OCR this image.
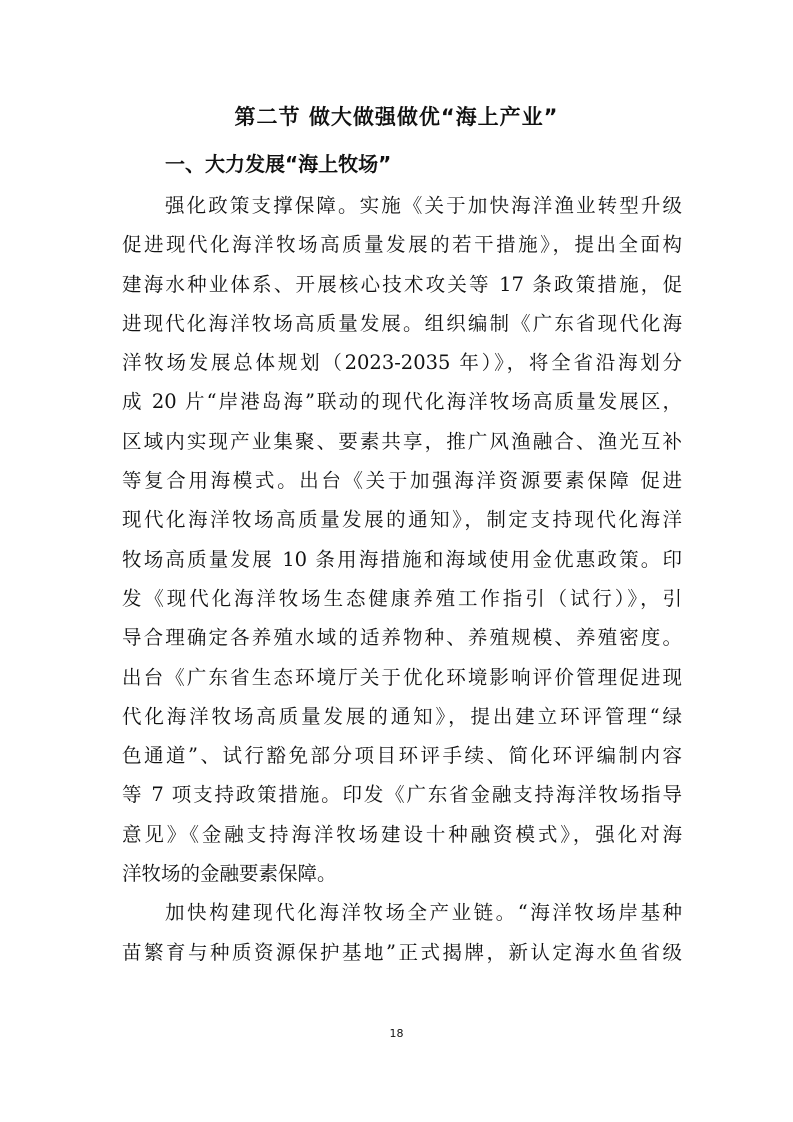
第二节 做大做强做优“海上产业”
一、大力发展“海上牧场”
强化政策支撑保障。实施《关于加快海洋渔业转型升级
促进现代化海洋牧场高质量发展的若干措施》，提出全面构
建海水种业体系、开展核心技术攻关等 17 条政策措施，促
进现代化海洋牧场高质量发展。组织编制《广东省现代化海
洋牧场发展总体规划（2023-2035 年）》，将全省沿海划分
成 20 片“岸港岛海”联动的现代化海洋牧场高质量发展区，
区域内实现产业集聚、要素共享，推广风渔融合、渔光互补
等复合用海模式。出台《关于加强海洋资源要素保障 促进
现代化海洋牧场高质量发展的通知》，制定支持现代化海洋
牧场高质量发展 10 条用海措施和海域使用金优惠政策。印
发《现代化海洋牧场生态健康养殖工作指引（试行）》，引
导合理确定各养殖水域的适养物种、养殖规模、养殖密度。
出台《广东省生态环境厅关于优化环境影响评价管理促进现
代化海洋牧场高质量发展的通知》，提出建立环评管理“绿
色通道”、试行豁免部分项目环评手续、简化环评编制内容
等 7 项支持政策措施。印发《广东省金融支持海洋牧场指导
意见》《金融支持海洋牧场建设十种融资模式》，强化对海
洋牧场的金融要素保障。
加快构建现代化海洋牧场全产业链。“海洋牧场岸基种
苗繁育与种质资源保护基地”正式揭牌，新认定海水鱼省级
18
